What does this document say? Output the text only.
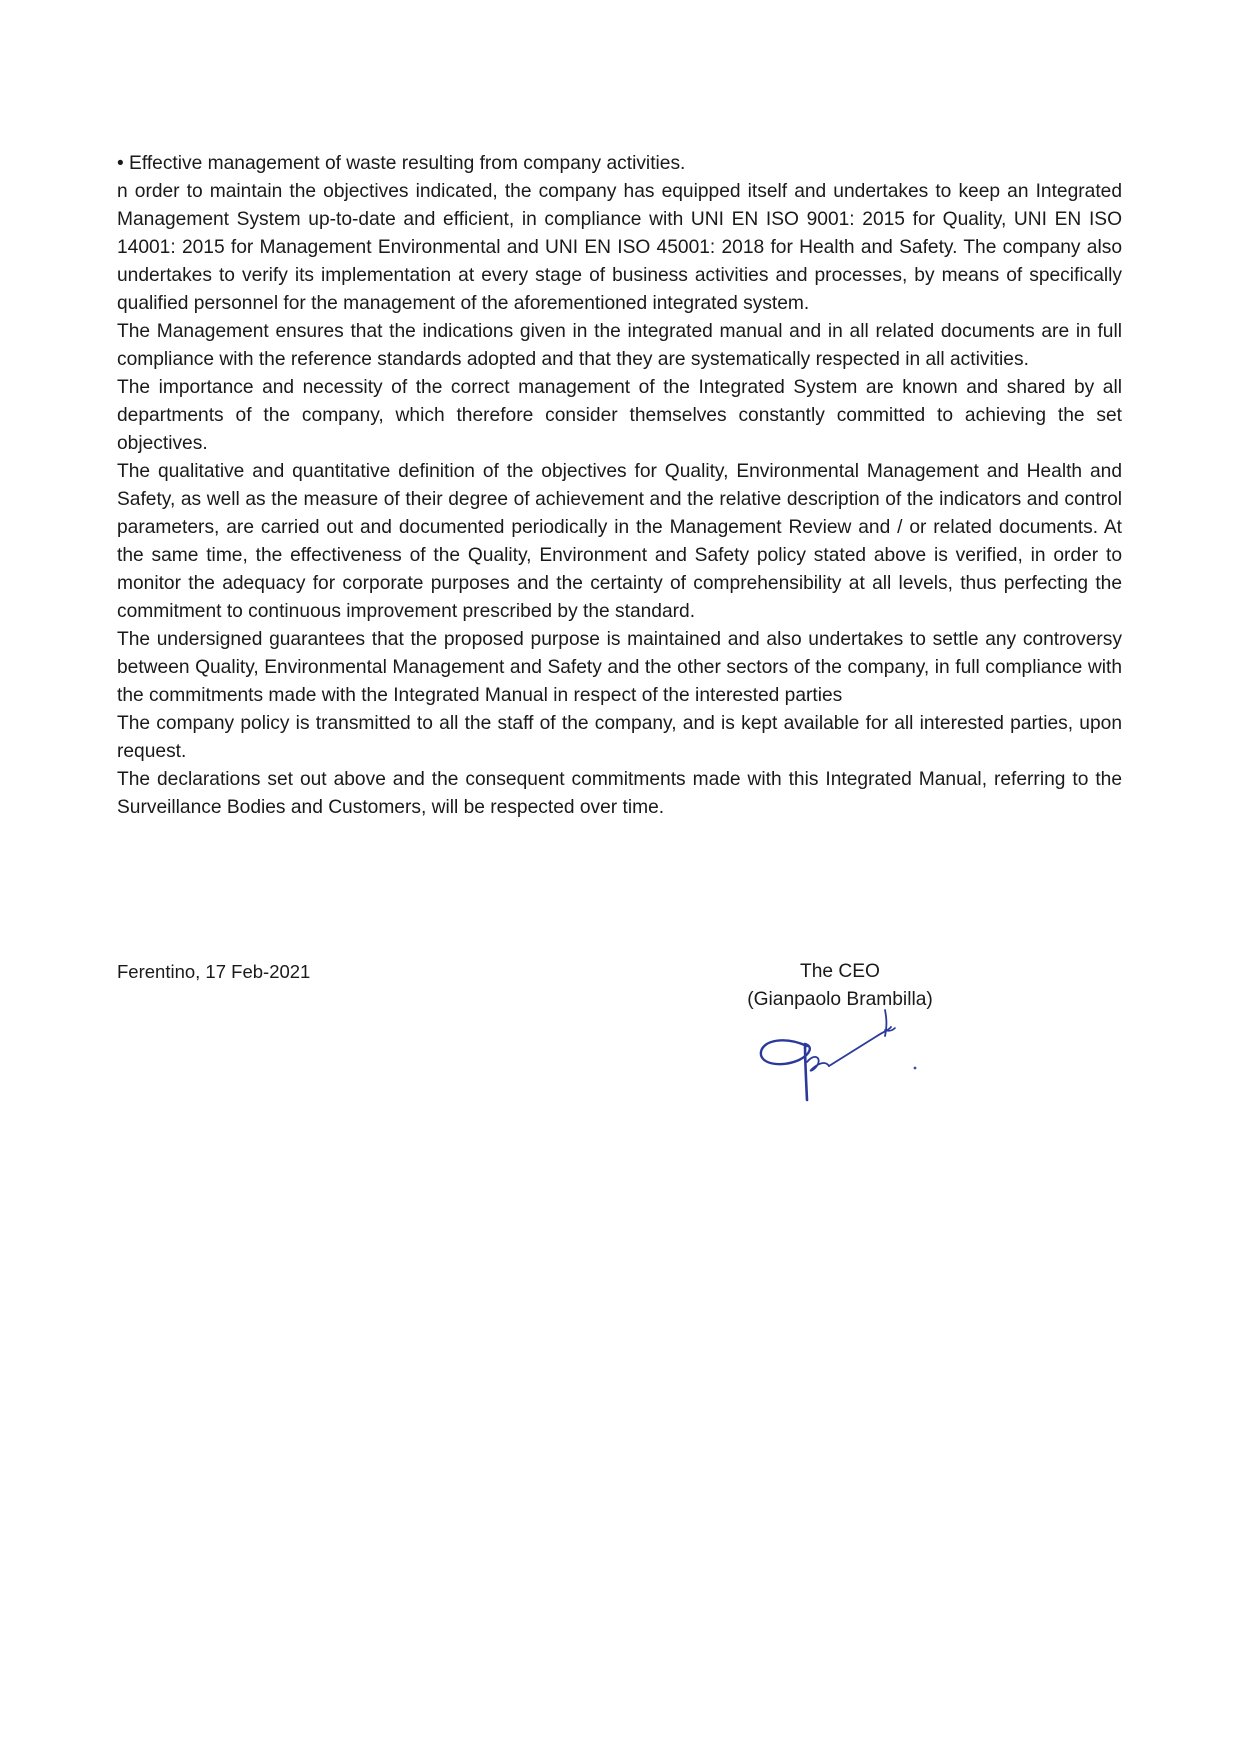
• Effective management of waste resulting from company activities.

n order to maintain the objectives indicated, the company has equipped itself and undertakes to keep an Integrated Management System up-to-date and efficient, in compliance with UNI EN ISO 9001: 2015 for Quality, UNI EN ISO 14001: 2015 for Management Environmental and UNI EN ISO 45001: 2018 for Health and Safety. The company also undertakes to verify its implementation at every stage of business activities and processes, by means of specifically qualified personnel for the management of the aforementioned integrated system.

The Management ensures that the indications given in the integrated manual and in all related documents are in full compliance with the reference standards adopted and that they are systematically respected in all activities.

The importance and necessity of the correct management of the Integrated System are known and shared by all departments of the company, which therefore consider themselves constantly committed to achieving the set objectives.

The qualitative and quantitative definition of the objectives for Quality, Environmental Management and Health and Safety, as well as the measure of their degree of achievement and the relative description of the indicators and control parameters, are carried out and documented periodically in the Management Review and / or related documents. At the same time, the effectiveness of the Quality, Environment and Safety policy stated above is verified, in order to monitor the adequacy for corporate purposes and the certainty of comprehensibility at all levels, thus perfecting the commitment to continuous improvement prescribed by the standard.

The undersigned guarantees that the proposed purpose is maintained and also undertakes to settle any controversy between Quality, Environmental Management and Safety and the other sectors of the company, in full compliance with the commitments made with the Integrated Manual in respect of the interested parties

The company policy is transmitted to all the staff of the company, and is kept available for all interested parties, upon request.

The declarations set out above and the consequent commitments made with this Integrated Manual, referring to the Surveillance Bodies and Customers, will be respected over time.

Ferentino, 17 Feb-2021	The CEO
(Gianpaolo Brambilla)
